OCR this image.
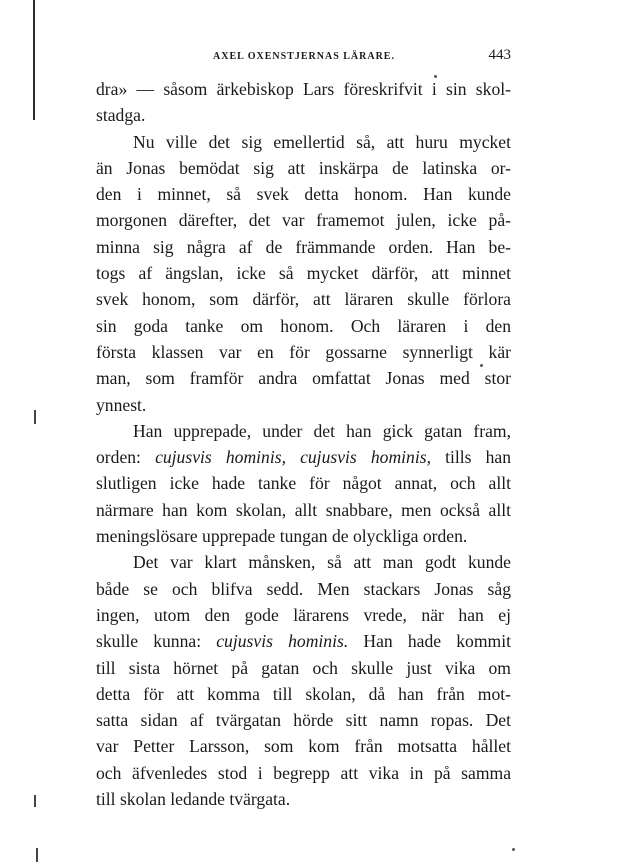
AXEL OXENSTJERNAS LÄRARE.	443
dra» — såsom ärkebiskop Lars föreskrifvit i sin skol-
stadga.
Nu ville det sig emellertid så, att huru mycket
än Jonas bemödat sig att inskärpa de latinska or-
den i minnet, så svek detta honom. Han kunde
morgonen därefter, det var framemot julen, icke på-
minna sig några af de främmande orden. Han be-
togs af ängslan, icke så mycket därför, att minnet
svek honom, som därför, att läraren skulle förlora
sin goda tanke om honom. Och läraren i den
första klassen var en för gossarne synnerligt kär
man, som framför andra omfattat Jonas med stor
ynnest.
Han upprepade, under det han gick gatan fram,
orden: cujusvis hominis, cujusvis hominis, tills han
slutligen icke hade tanke för något annat, och allt
närmare han kom skolan, allt snabbare, men också allt
meningslösare upprepade tungan de olyckliga orden.
Det var klart månsken, så att man godt kunde
både se och blifva sedd. Men stackars Jonas såg
ingen, utom den gode lärarens vrede, när han ej
skulle kunna: cujusvis hominis. Han hade kommit
till sista hörnet på gatan och skulle just vika om
detta för att komma till skolan, då han från mot-
satta sidan af tvärgatan hörde sitt namn ropas. Det
var Petter Larsson, som kom från motsatta hållet
och äfvenledes stod i begrepp att vika in på samma
till skolan ledande tvärgata.
